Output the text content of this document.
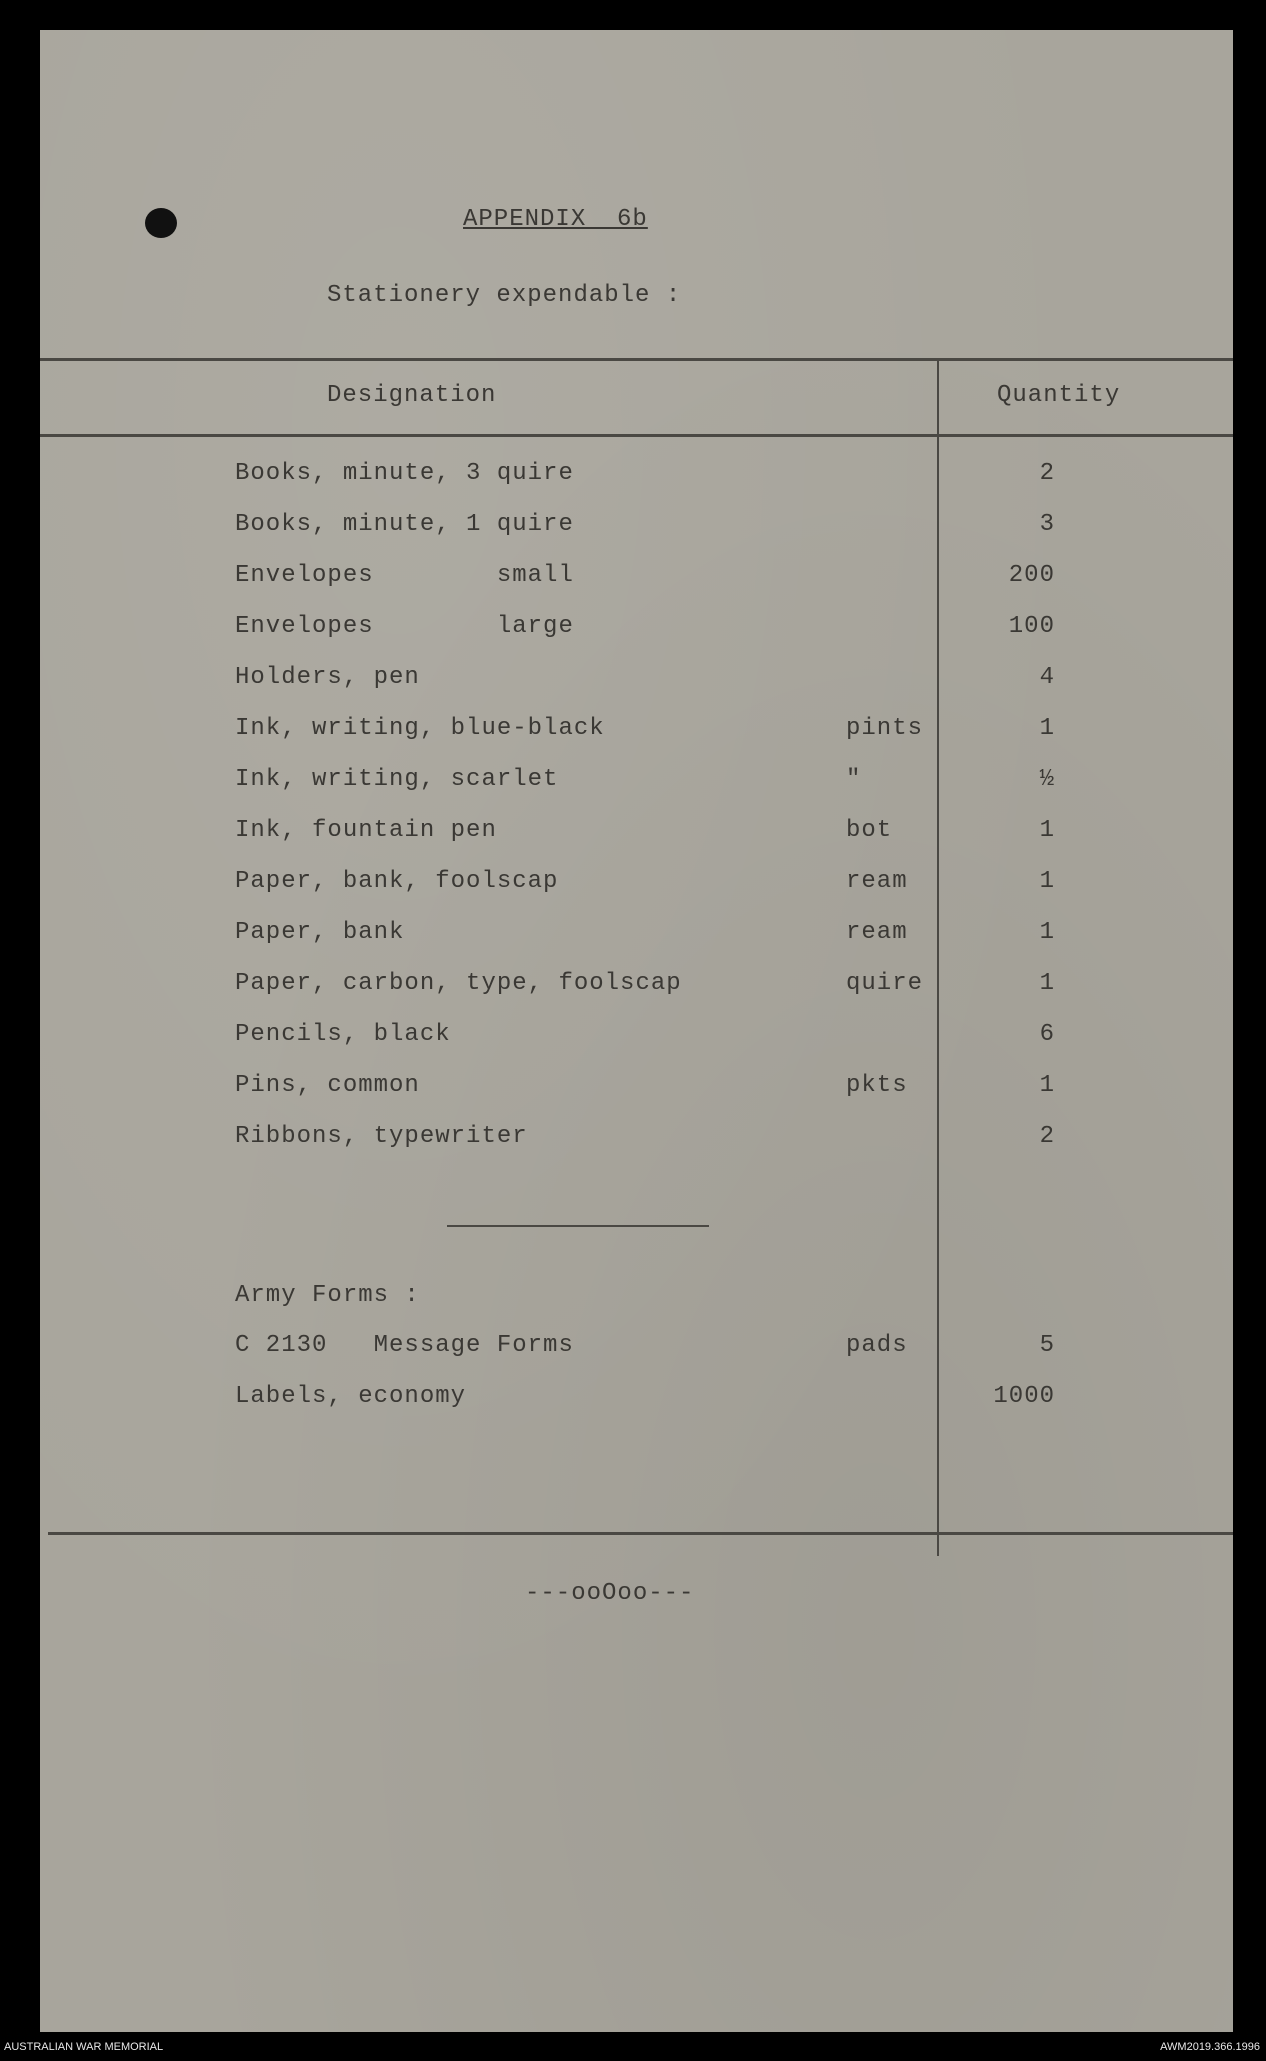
APPENDIX  6b
Stationery expendable :
Designation	Quantity
Books, minute, 3 quire	2
Books, minute, 1 quire	3
Envelopes        small	200
Envelopes        large	100
Holders, pen	4
Ink, writing, blue-black	pints	1
Ink, writing, scarlet	"	½
Ink, fountain pen	bot	1
Paper, bank, foolscap	ream	1
Paper, bank	ream	1
Paper, carbon, type, foolscap	quire	1
Pencils, black	6
Pins, common	pkts	1
Ribbons, typewriter	2
Army Forms :
C 2130   Message Forms	pads	5
Labels, economy	1000
---ooOoo---
AUSTRALIAN WAR MEMORIAL	AWM2019.366.1996
